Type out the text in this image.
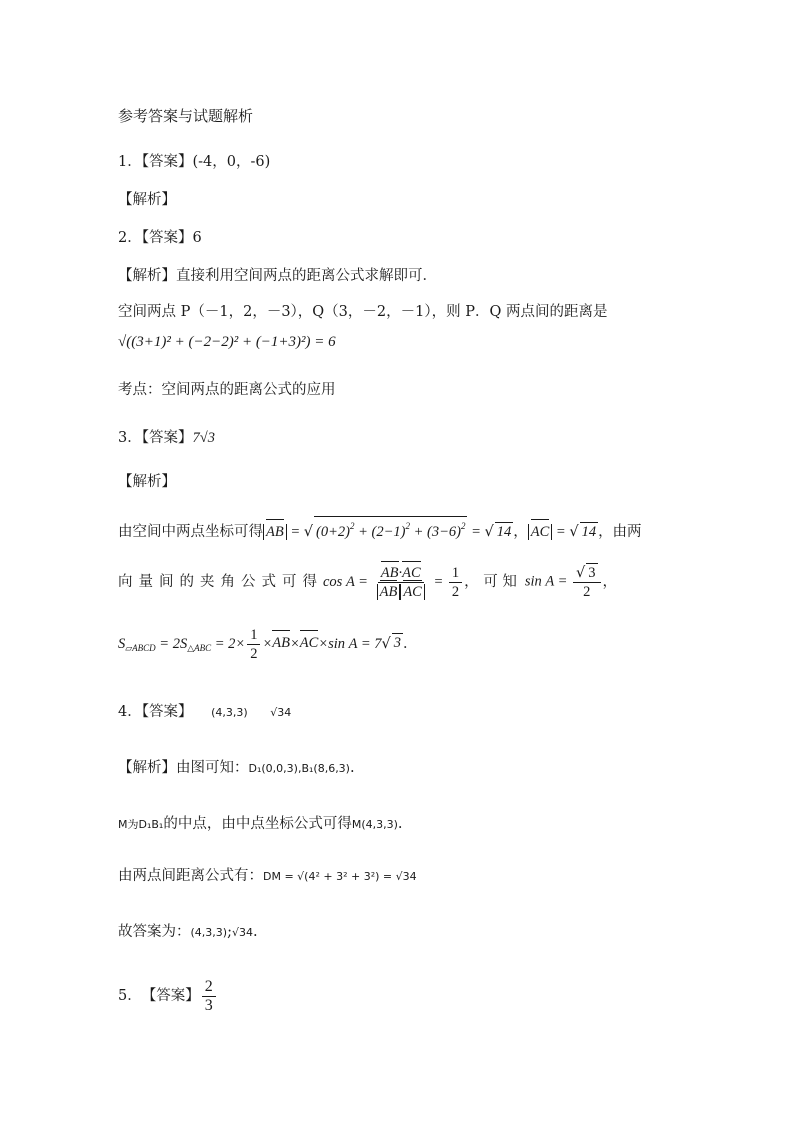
参考答案与试题解析
1．【答案】(-4，0，-6)
【解析】
2．【答案】6
【解析】直接利用空间两点的距离公式求解即可．
空间两点 P（－1，2，－3），Q（3，－2，－1），则 P．Q 两点间的距离是
√((3+1)² + (−2−2)² + (−1+3)²) = 6
考点：空间两点的距离公式的应用
3．【答案】7√3
【解析】
由空间中两点坐标可得 AB = √ $(0+2)^2 + (2-1)^2 + (3-6)^2$ = √ 14 ， AC = √ 14 ，由两
向量间的夹角公式可得 $\cos A = \frac{AB\cdot AC}{\text{AB AC}} = \frac{1}{2}$ ， 可 知 $\sin A = \frac{√ 3}{2}$ ，
$S_{▱ABCD} = 2S_{\triangle ABC} = 2\times \frac{1}{2} \times AB\times AC\times\sin$ A = 7√ 3 ．
4．【答案】 (4,3,3) √34
【解析】由图可知：D₁(0,0,3),B₁(8,6,3).
M为D₁B₁的中点，由中点坐标公式可得M(4,3,3).
由两点间距离公式有：DM = √(4² + 3² + 3²) = √34
故答案为：(4,3,3);√34.
5． 【答案】 $\frac{2}{3}$
